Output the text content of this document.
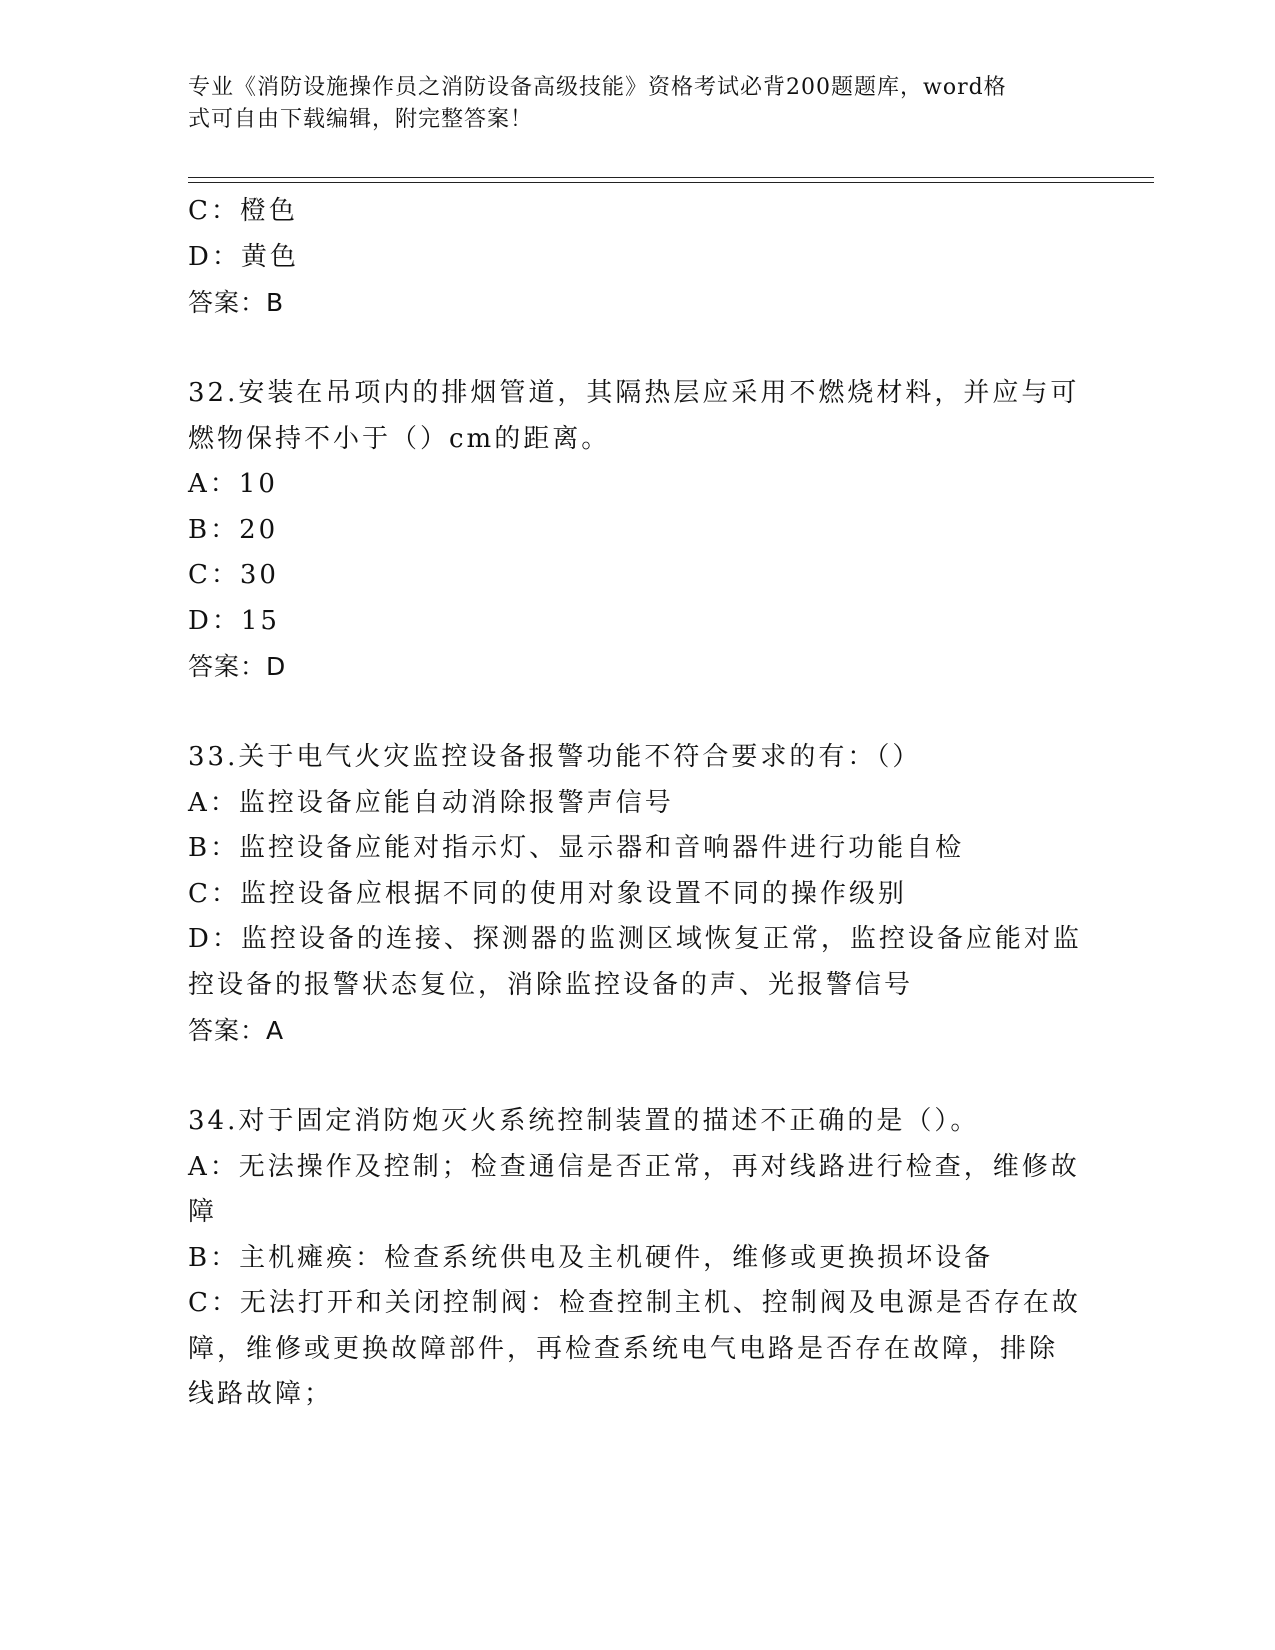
专业《消防设施操作员之消防设备高级技能》资格考试必背200题题库，word格
式可自由下载编辑，附完整答案！

C：橙色

D：黄色

答案：B

32.安装在吊项内的排烟管道，其隔热层应采用不燃烧材料，并应与可

燃物保持不小于（）cm的距离。

A：10

B：20

C：30

D：15

答案：D

33.关于电气火灾监控设备报警功能不符合要求的有：（）

A：监控设备应能自动消除报警声信号

B：监控设备应能对指示灯、显示器和音响器件进行功能自检

C：监控设备应根据不同的使用对象设置不同的操作级别

D：监控设备的连接、探测器的监测区域恢复正常，监控设备应能对监

控设备的报警状态复位，消除监控设备的声、光报警信号

答案：A

34.对于固定消防炮灭火系统控制装置的描述不正确的是（）。

A：无法操作及控制；检查通信是否正常，再对线路进行检查，维修故

障

B：主机瘫痪：检查系统供电及主机硬件，维修或更换损坏设备

C：无法打开和关闭控制阀：检查控制主机、控制阀及电源是否存在故

障，维修或更换故障部件，再检查系统电气电路是否存在故障，排除

线路故障；
